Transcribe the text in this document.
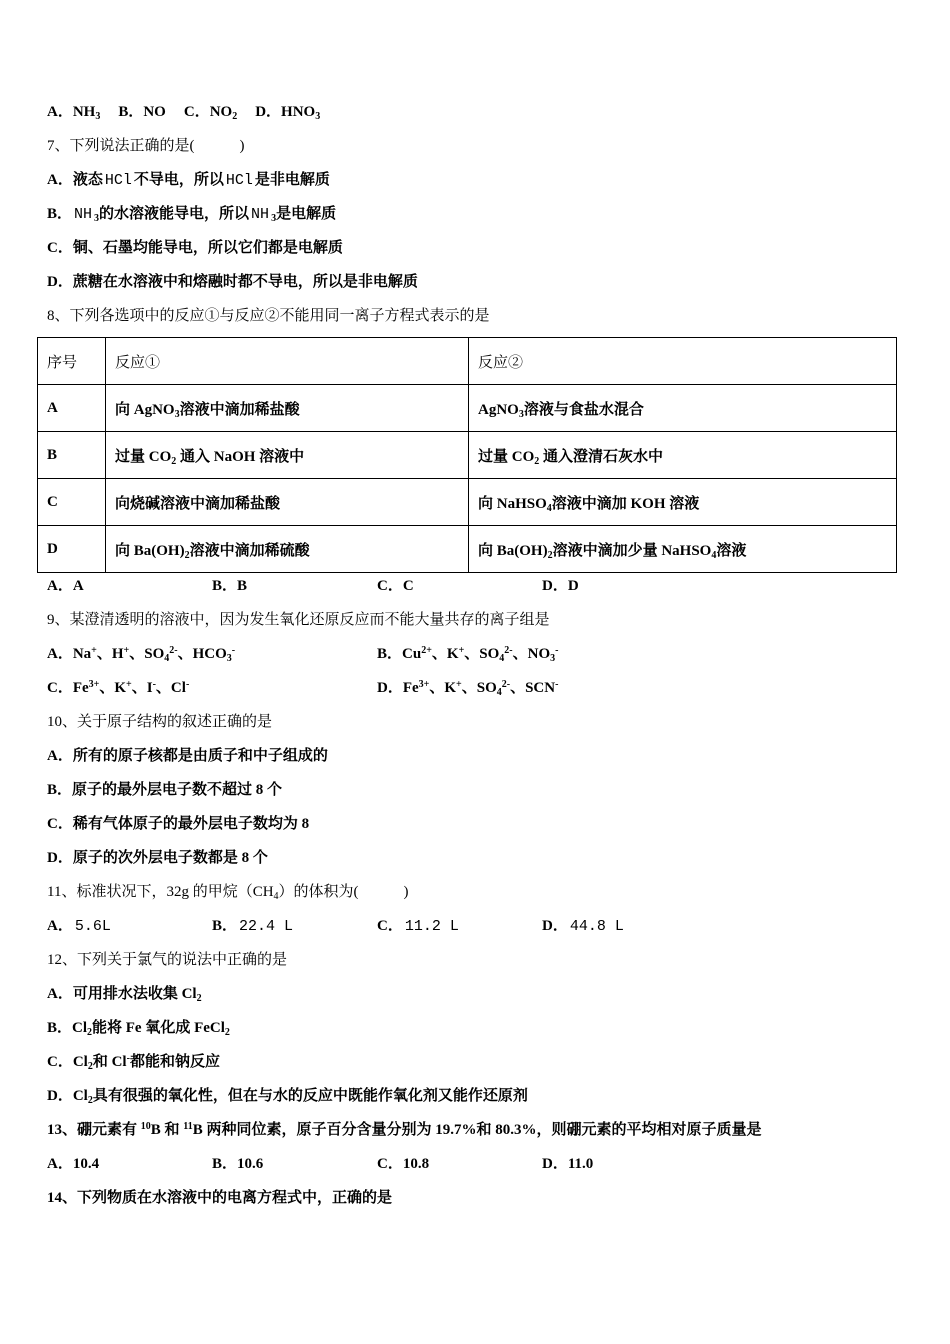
A．$NH_3$ B．NO C．$NO_2$ D．$HNO_3$
7、下列说法正确的是(　　　)
A．液态 HCl 不导电，所以 HCl 是非电解质
B． NH $_3$的水溶液能导电，所以 NH $_3$是电解质
C．铜、石墨均能导电，所以它们都是电解质
D．蔗糖在水溶液中和熔融时都不导电，所以是非电解质
8、下列各选项中的反应①与反应②不能用同一离子方程式表示的是
序号	反应①	反应②
A	向 AgNO$_3$溶液中滴加稀盐酸	AgNO$_3$溶液与食盐水混合
B	过量 $CO_2$ 通入 NaOH 溶液中	过量 $CO_2$ 通入澄清石灰水中
C	向烧碱溶液中滴加稀盐酸	向 NaHSO$_4$溶液中滴加 KOH 溶液
D	向 $Ba(OH)_2$溶液中滴加稀硫酸	向 $Ba(OH)_2$溶液中滴加少量 NaHSO$_4$溶液
A．A	B．B	C．C	D．D
9、某澄清透明的溶液中，因为发生氧化还原反应而不能大量共存的离子组是
A．Na+、H+、$SO_4^{2-}$、$HCO_3^-$	B．$Cu^{2+}$、K+、$SO_4^{2-}$、$NO_3^-$
C．$Fe^{3+}$、K+、I-、Cl-	D．$Fe^{3+}$、K+、$SO_4^{2-}$、SCN-
10、关于原子结构的叙述正确的是
A．所有的原子核都是由质子和中子组成的
B．原子的最外层电子数不超过 8 个
C．稀有气体原子的最外层电子数均为 8
D．原子的次外层电子数都是 8 个
11、标准状况下，32g 的甲烷$(CH_4)$的体积为(　　　)
A． 5.6L	B． 22.4 L	C． 11.2 L	D． 44.8 L
12、下列关于氯气的说法中正确的是
A．可用排水法收集 $Cl_2$
B．$Cl_2$能将 Fe 氧化成 FeCl$_2$
C．$Cl_2$和 Cl-都能和钠反应
D．$Cl_2$具有很强的氧化性，但在与水的反应中既能作氧化剂又能作还原剂
13、硼元素有 $^{10}$B 和 $^{11}$B 两种同位素，原子百分含量分别为 19.7%和 80.3%，则硼元素的平均相对原子质量是
A．10.4	B．10.6	C．10.8	D．11.0
14、下列物质在水溶液中的电离方程式中，正确的是
